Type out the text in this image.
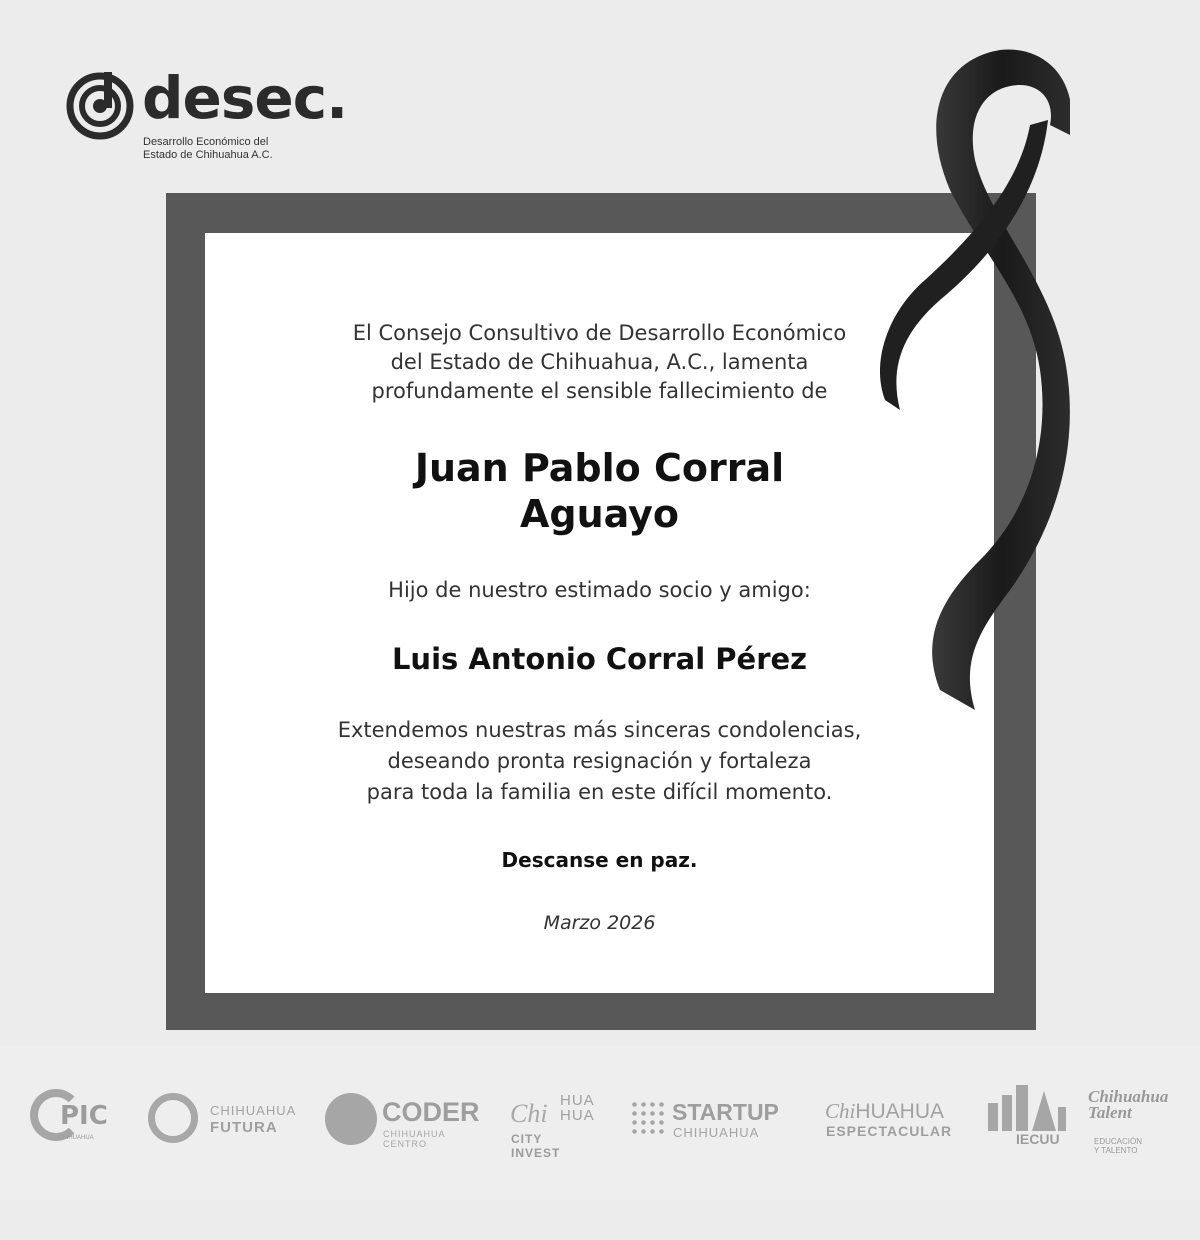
desec.
Desarrollo Económico del
Estado de Chihuahua A.C.
El Consejo Consultivo de Desarrollo Económico
del Estado de Chihuahua, A.C., lamenta
profundamente el sensible fallecimiento de
Juan Pablo Corral
Aguayo
Hijo de nuestro estimado socio y amigo:
Luis Antonio Corral Pérez
Extendemos nuestras más sinceras condolencias,
deseando pronta resignación y fortaleza
para toda la familia en este difícil momento.
Descanse en paz.
Marzo 2026
PIC
CHIHUAHUA
CHIHUAHUA
FUTURA
CODER
CHIHUAHUA CENTRO
Chi HUA
HUA
CITY INVEST
STARTUP
CHIHUAHUA
ChiHUAHUA
ESPECTACULAR	IECUU
Chihuahua Talent
EDUCACIÓN Y TALENTO
